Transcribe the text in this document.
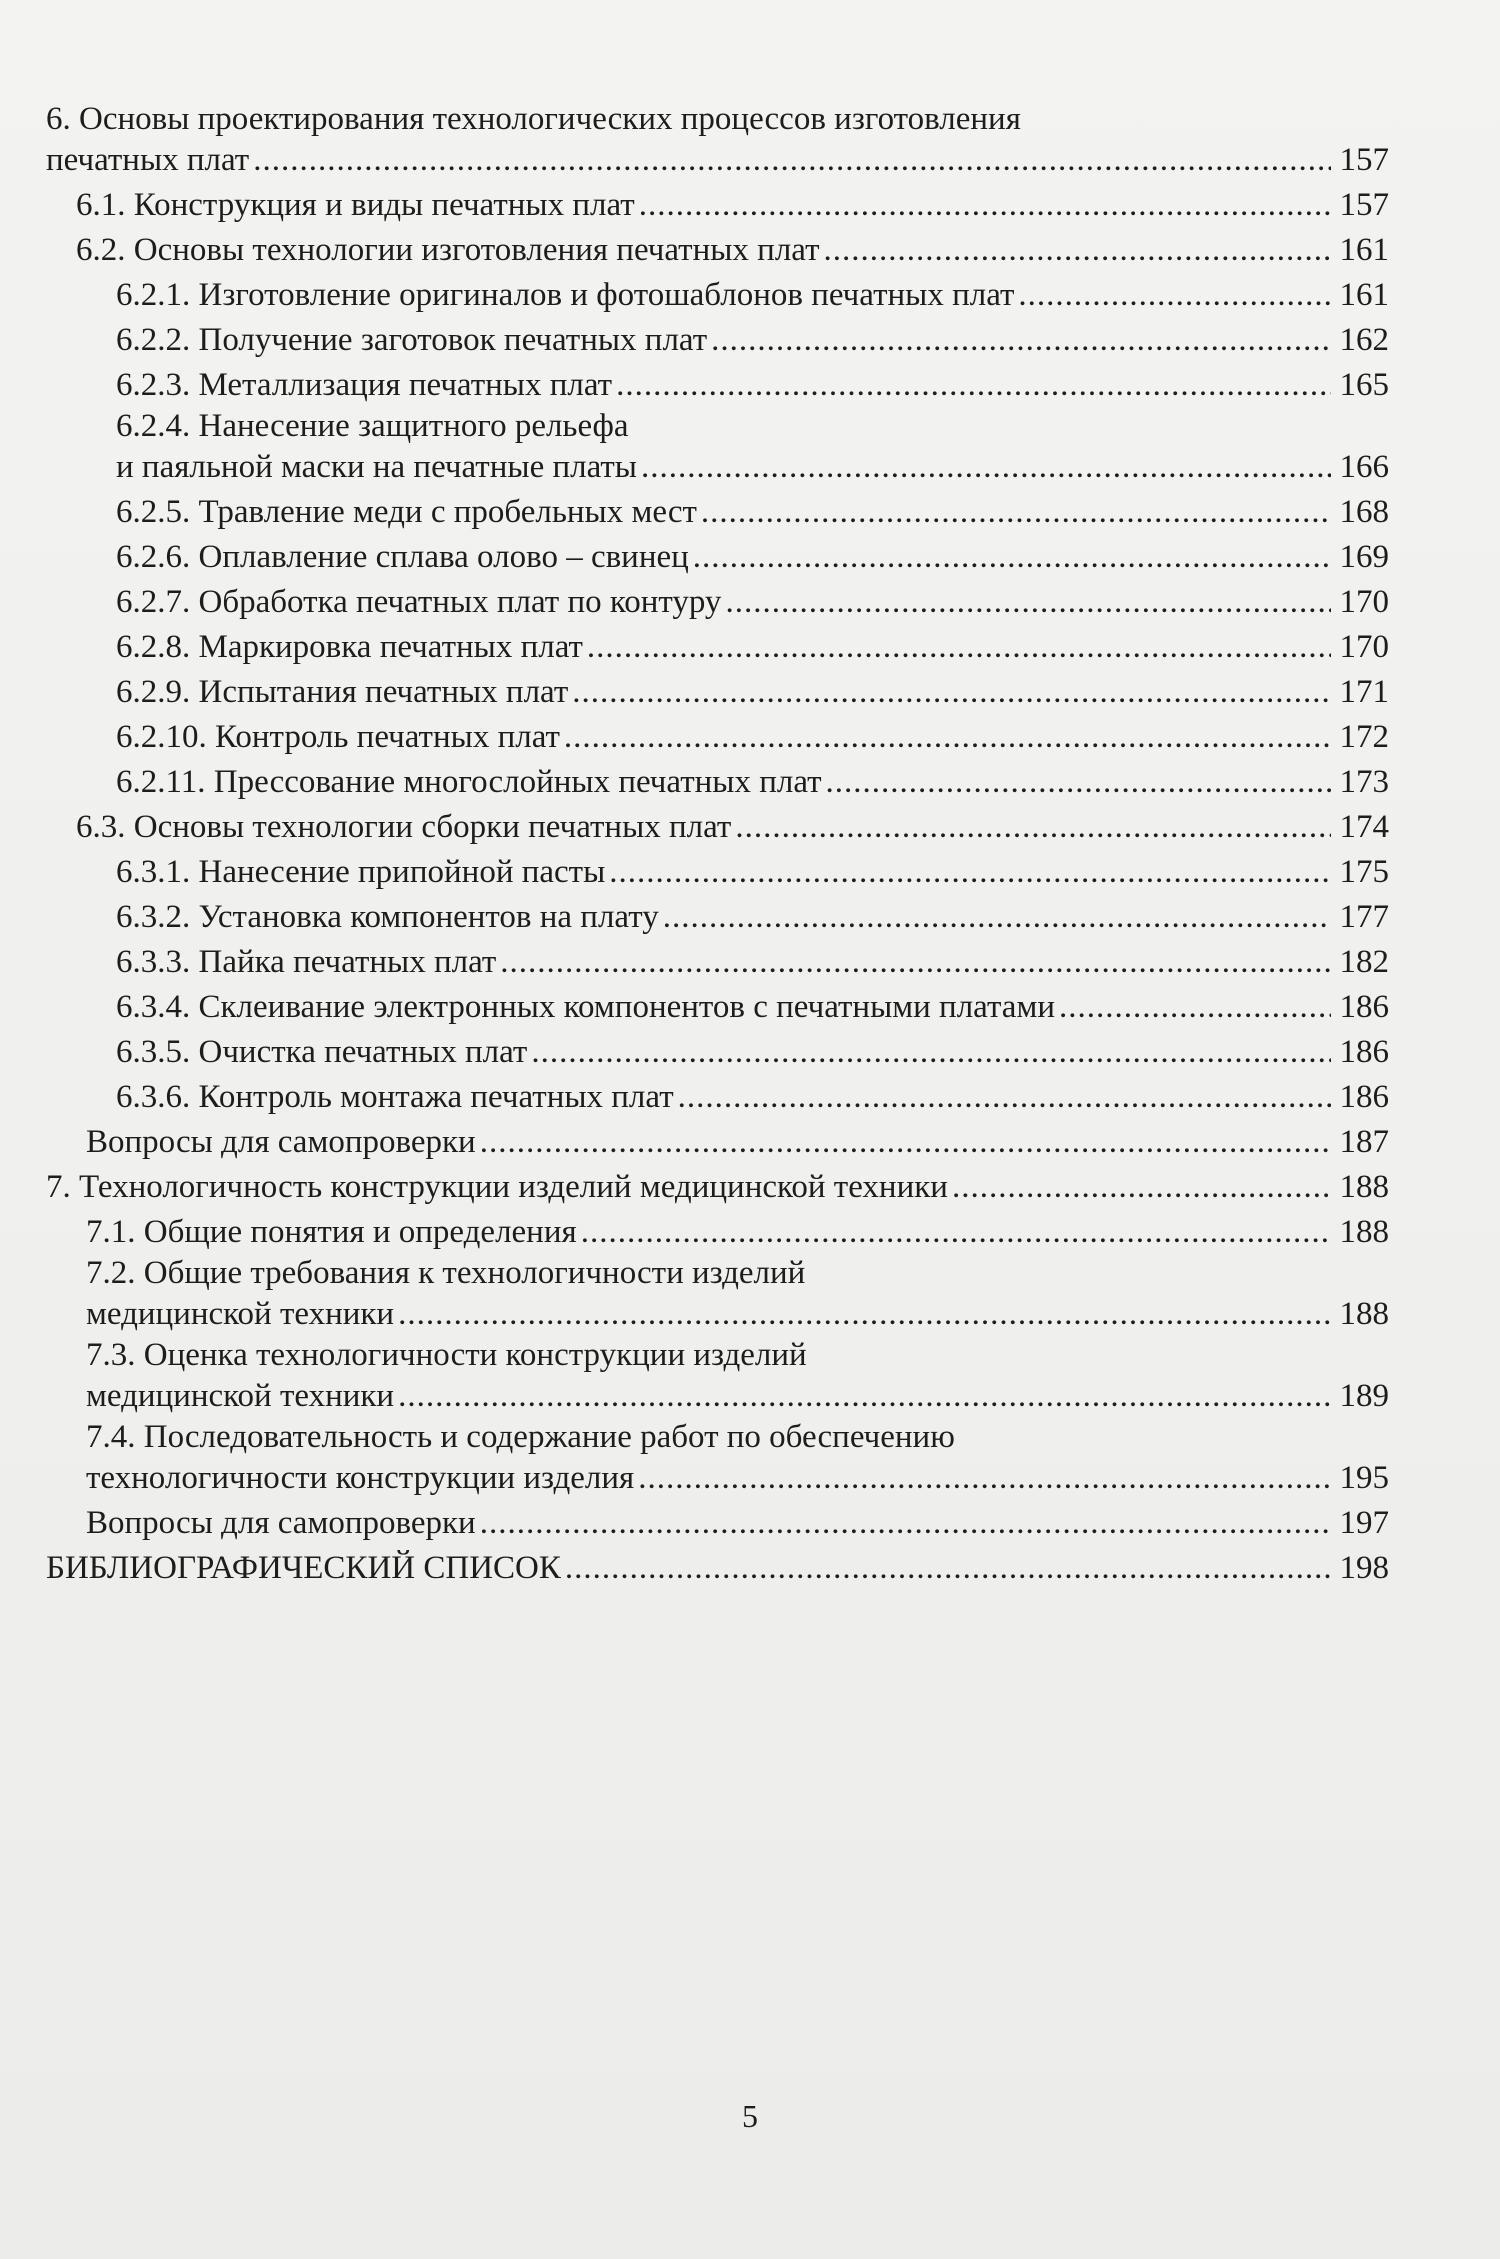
6. Основы проектирования технологических процессов изготовления
печатных плат .....	157
6.1. Конструкция и виды печатных плат .....	157
6.2. Основы технологии изготовления печатных плат .....	161
6.2.1. Изготовление оригиналов и фотошаблонов печатных плат .....	161
6.2.2. Получение заготовок печатных плат .....	162
6.2.3. Металлизация печатных плат .....	165
6.2.4. Нанесение защитного рельефа
и паяльной маски на печатные платы .....	166
6.2.5. Травление меди с пробельных мест .....	168
6.2.6. Оплавление сплава олово – свинец .....	169
6.2.7. Обработка печатных плат по контуру .....	170
6.2.8. Маркировка печатных плат .....	170
6.2.9. Испытания печатных плат .....	171
6.2.10. Контроль печатных плат .....	172
6.2.11. Прессование многослойных печатных плат .....	173
6.3. Основы технологии сборки печатных плат .....	174
6.3.1. Нанесение припойной пасты .....	175
6.3.2. Установка компонентов на плату .....	177
6.3.3. Пайка печатных плат .....	182
6.3.4. Склеивание электронных компонентов с печатными платами .....	186
6.3.5. Очистка печатных плат .....	186
6.3.6. Контроль монтажа печатных плат .....	186
Вопросы для самопроверки .....	187
7. Технологичность конструкции изделий медицинской техники .....	188
7.1. Общие понятия и определения .....	188
7.2. Общие требования к технологичности изделий
медицинской техники .....	188
7.3. Оценка технологичности конструкции изделий
медицинской техники .....	189
7.4. Последовательность и содержание работ по обеспечению
технологичности конструкции изделия .....	195
Вопросы для самопроверки .....	197
БИБЛИОГРАФИЧЕСКИЙ СПИСОК .....	198
5
